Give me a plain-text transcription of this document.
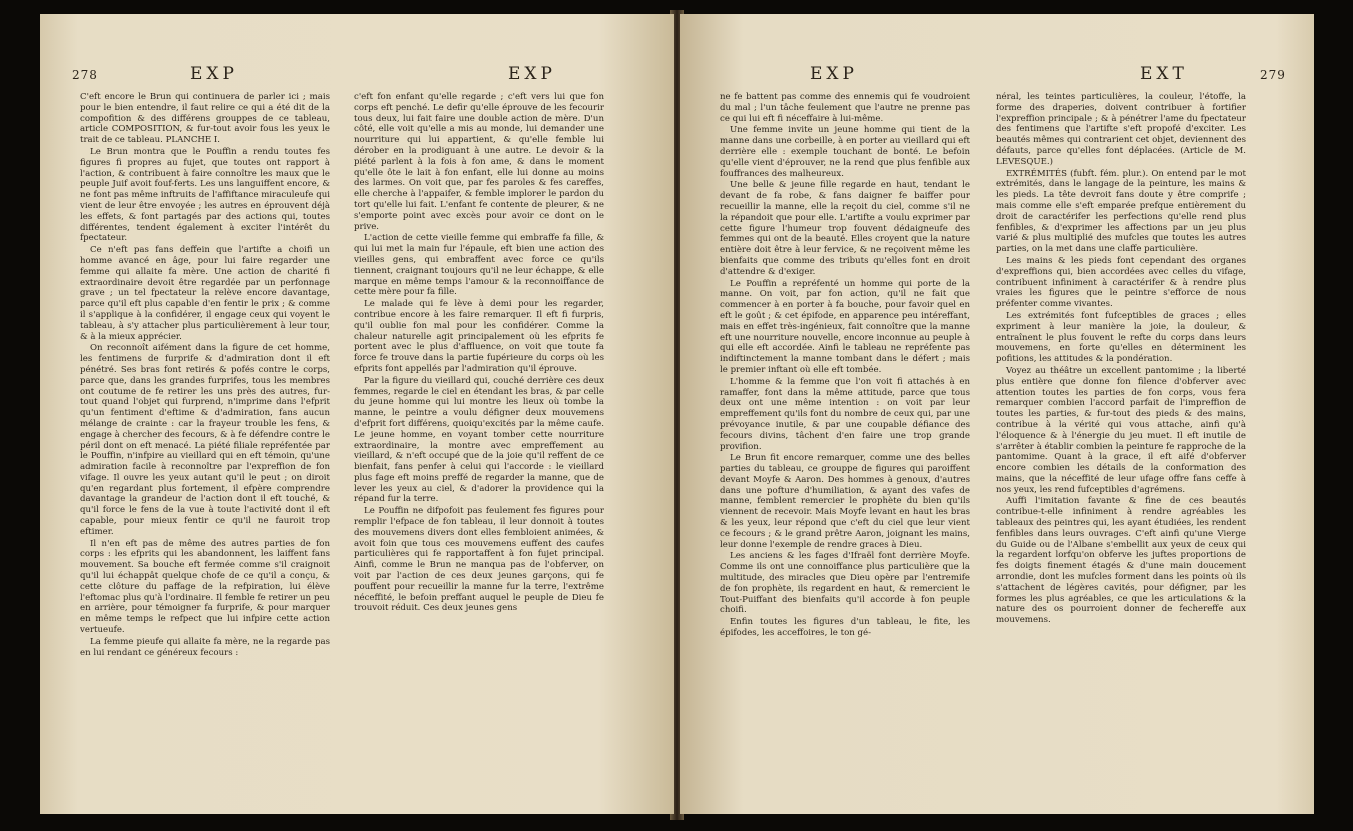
278	EXP	EXP

C'eft encore le Brun qui continuera de parler ici ; mais pour le bien entendre, il faut relire ce qui a été dit de la compofition & des différens grouppes de ce tableau, article COMPOSITION, & fur-tout avoir fous les yeux le trait de ce tableau. PLANCHE I.

Le Brun montra que le Pouffin a rendu toutes fes figures fi propres au fujet, que toutes ont rapport à l'action, & contribuent à faire connoître les maux que le peuple Juif avoit fouf-ferts. Les uns languiffent encore, & ne font pas même inftruits de l'affiftance miraculeufe qui vient de leur être envoyée ; les autres en éprouvent déjà les effets, & font partagés par des actions qui, toutes différentes, tendent également à exciter l'intérêt du fpectateur.

Ce n'eft pas fans deffein que l'artifte a choifi un homme avancé en âge, pour lui faire regarder une femme qui allaite fa mère. Une action de charité fi extraordinaire devoit être regardée par un perfonnage grave ; un tel fpectateur la relève encore davantage, parce qu'il eft plus capable d'en fentir le prix ; & comme il s'applique à la confidérer, il engage ceux qui voyent le tableau, à s'y attacher plus particulièrement à leur tour, & à la mieux apprécier.

On reconnoît aifément dans la figure de cet homme, les fentimens de furprife & d'admiration dont il eft pénétré. Ses bras font retirés & pofés contre le corps, parce que, dans les grandes furprifes, tous les membres ont coutume de fe retirer les uns près des autres, fur-tout quand l'objet qui furprend, n'imprime dans l'efprit qu'un fentiment d'eftime & d'admiration, fans aucun mélange de crainte : car la frayeur trouble les fens, & engage à chercher des fecours, & à fe défendre contre le péril dont on eft menacé. La piété filiale repréfentée par le Pouffin, n'infpire au vieillard qui en eft témoin, qu'une admiration facile à reconnoître par l'expreffion de fon vifage. Il ouvre les yeux autant qu'il le peut ; on diroit qu'en regardant plus fortement, il efpère comprendre davantage la grandeur de l'action dont il eft touché, & qu'il force le fens de la vue à toute l'activité dont il eft capable, pour mieux fentir ce qu'il ne fauroit trop eftimer.

Il n'en eft pas de même des autres parties de fon corps : les efprits qui les abandonnent, les laiffent fans mouvement. Sa bouche eft fermée comme s'il craignoit qu'il lui échappât quelque chofe de ce qu'il a conçu, & cette clôture du paffage de la refpiration, lui élève l'eftomac plus qu'à l'ordinaire. Il femble fe retirer un peu en arrière, pour témoigner fa furprife, & pour marquer en même temps le refpect que lui infpire cette action vertueufe.

La femme pieufe qui allaite fa mère, ne la regarde pas en lui rendant ce généreux fecours :

c'eft fon enfant qu'elle regarde ; c'eft vers lui que fon corps eft penché. Le defir qu'elle éprouve de les fecourir tous deux, lui fait faire une double action de mère. D'un côté, elle voit qu'elle a mis au monde, lui demander une nourriture qui lui appartient, & qu'elle femble lui dérober en la prodiguant à une autre. Le devoir & la piété parlent à la fois à fon ame, & dans le moment qu'elle ôte le lait à fon enfant, elle lui donne au moins des larmes. On voit que, par fes paroles & fes careffes, elle cherche à l'appaifer, & femble implorer le pardon du tort qu'elle lui fait. L'enfant fe contente de pleurer, & ne s'emporte point avec excès pour avoir ce dont on le prive.

L'action de cette vieille femme qui embraffe fa fille, & qui lui met la main fur l'épaule, eft bien une action des vieilles gens, qui embraffent avec force ce qu'ils tiennent, craignant toujours qu'il ne leur échappe, & elle marque en même temps l'amour & la reconnoiffance de cette mère pour fa fille.

Le malade qui fe lève à demi pour les regarder, contribue encore à les faire remarquer. Il eft fi furpris, qu'il oublie fon mal pour les confidérer. Comme la chaleur naturelle agit principalement où les efprits fe portent avec le plus d'affluence, on voit que toute fa force fe trouve dans la partie fupérieure du corps où les efprits font appellés par l'admiration qu'il éprouve.

Par la figure du vieillard qui, couché derrière ces deux femmes, regarde le ciel en étendant les bras, & par celle du jeune homme qui lui montre les lieux où tombe la manne, le peintre a voulu défigner deux mouvemens d'efprit fort différens, quoiqu'excités par la même caufe. Le jeune homme, en voyant tomber cette nourriture extraordinaire, la montre avec empreffement au vieillard, & n'eft occupé que de la joie qu'il reffent de ce bienfait, fans penfer à celui qui l'accorde : le vieillard plus fage eft moins preffé de regarder la manne, que de lever les yeux au ciel, & d'adorer la providence qui la répand fur la terre.

Le Pouffin ne difpofoit pas feulement fes figures pour remplir l'efpace de fon tableau, il leur donnoit à toutes des mouvemens divers dont elles fembloient animées, & avoit foin que tous ces mouvemens euffent des caufes particulières qui fe rapportaffent à fon fujet principal. Ainfi, comme le Brun ne manqua pas de l'obferver, on voit par l'action de ces deux jeunes garçons, qui fe pouffent pour recueillir la manne fur la terre, l'extrême néceffité, le befoin preffant auquel le peuple de Dieu fe trouvoit réduit. Ces deux jeunes gens

EXP	EXT	279

ne fe battent pas comme des ennemis qui fe voudroient du mal ; l'un tâche feulement que l'autre ne prenne pas ce qui lui eft fi néceffaire à lui-même.

Une femme invite un jeune homme qui tient de la manne dans une corbeille, à en porter au vieillard qui eft derrière elle : exemple touchant de bonté. Le befoin qu'elle vient d'éprouver, ne la rend que plus fenfible aux fouffrances des malheureux.

Une belle & jeune fille regarde en haut, tendant le devant de fa robe, & fans daigner fe baiffer pour recueillir la manne, elle la reçoit du ciel, comme s'il ne la répandoit que pour elle. L'artifte a voulu exprimer par cette figure l'humeur trop fouvent dédaigneufe des femmes qui ont de la beauté. Elles croyent que la nature entière doit être à leur fervice, & ne reçoivent même les bienfaits que comme des tributs qu'elles font en droit d'attendre & d'exiger.

Le Pouffin a repréfenté un homme qui porte de la manne. On voit, par fon action, qu'il ne fait que commencer à en porter à fa bouche, pour favoir quel en eft le goût ; & cet épifode, en apparence peu intéreffant, mais en effet très-ingénieux, fait connoître que la manne eft une nourriture nouvelle, encore inconnue au peuple à qui elle eft accordée. Ainfi le tableau ne repréfente pas indiftinctement la manne tombant dans le défert ; mais le premier inftant où elle eft tombée.

L'homme & la femme que l'on voit fi attachés à en ramaffer, font dans la même attitude, parce que tous deux ont une même intention : on voit par leur empreffement qu'ils font du nombre de ceux qui, par une prévoyance inutile, & par une coupable défiance des fecours divins, tâchent d'en faire une trop grande provifion.

Le Brun fit encore remarquer, comme une des belles parties du tableau, ce grouppe de figures qui paroiffent devant Moyfe & Aaron. Des hommes à genoux, d'autres dans une pofture d'humiliation, & ayant des vafes de manne, femblent remercier le prophète du bien qu'ils viennent de recevoir. Mais Moyfe levant en haut les bras & les yeux, leur répond que c'eft du ciel que leur vient ce fecours ; & le grand prêtre Aaron, joignant les mains, leur donne l'exemple de rendre graces à Dieu.

Les anciens & les fages d'Ifraël font derrière Moyfe. Comme ils ont une connoiffance plus particulière que la multitude, des miracles que Dieu opère par l'entremife de fon prophète, ils regardent en haut, & remercient le Tout-Puiffant des bienfaits qu'il accorde à fon peuple choifi.

Enfin toutes les figures d'un tableau, le fite, les épifodes, les acceffoires, le ton gé-

néral, les teintes particulières, la couleur, l'étoffe, la forme des draperies, doivent contribuer à fortifier l'expreffion principale ; & à pénétrer l'ame du fpectateur des fentimens que l'artifte s'eft propofé d'exciter. Les beautés mêmes qui contrarient cet objet, deviennent des défauts, parce qu'elles font déplacées. (Article de M. LEVESQUE.)

EXTRÉMITÉS (fubft. fém. plur.). On entend par le mot extrémités, dans le langage de la peinture, les mains & les pieds. La tête devroit fans doute y être comprife ; mais comme elle s'eft emparée prefque entièrement du droit de caractérifer les perfections qu'elle rend plus fenfibles, & d'exprimer les affections par un jeu plus varié & plus multiplié des mufcles que toutes les autres parties, on la met dans une claffe particulière.

Les mains & les pieds font cependant des organes d'expreffions qui, bien accordées avec celles du vifage, contribuent infiniment à caractérifer & à rendre plus vraies les figures que le peintre s'efforce de nous préfenter comme vivantes.

Les extrémités font fufceptibles de graces ; elles expriment à leur manière la joie, la douleur, & entraînent le plus fouvent le refte du corps dans leurs mouvemens, en forte qu'elles en déterminent les pofitions, les attitudes & la pondération.

Voyez au théâtre un excellent pantomime ; la liberté plus entière que donne fon filence d'obferver avec attention toutes les parties de fon corps, vous fera remarquer combien l'accord parfait de l'impreffion de toutes les parties, & fur-tout des pieds & des mains, contribue à la vérité qui vous attache, ainfi qu'à l'éloquence & à l'énergie du jeu muet. Il eft inutile de s'arrêter à établir combien la peinture fe rapproche de la pantomime. Quant à la grace, il eft aifé d'obferver encore combien les détails de la conformation des mains, que la néceffité de leur ufage offre fans ceffe à nos yeux, les rend fufceptibles d'agrémens.

Auffi l'imitation favante & fine de ces beautés contribue-t-elle infiniment à rendre agréables les tableaux des peintres qui, les ayant étudiées, les rendent fenfibles dans leurs ouvrages. C'eft ainfi qu'une Vierge du Guide ou de l'Albane s'embellit aux yeux de ceux qui la regardent lorfqu'on obferve les juftes proportions de fes doigts finement étagés & d'une main doucement arrondie, dont les mufcles forment dans les points où ils s'attachent de légères cavités, pour défigner, par les formes les plus agréables, ce que les articulations & la nature des os pourroient donner de fechereffe aux mouvemens.
